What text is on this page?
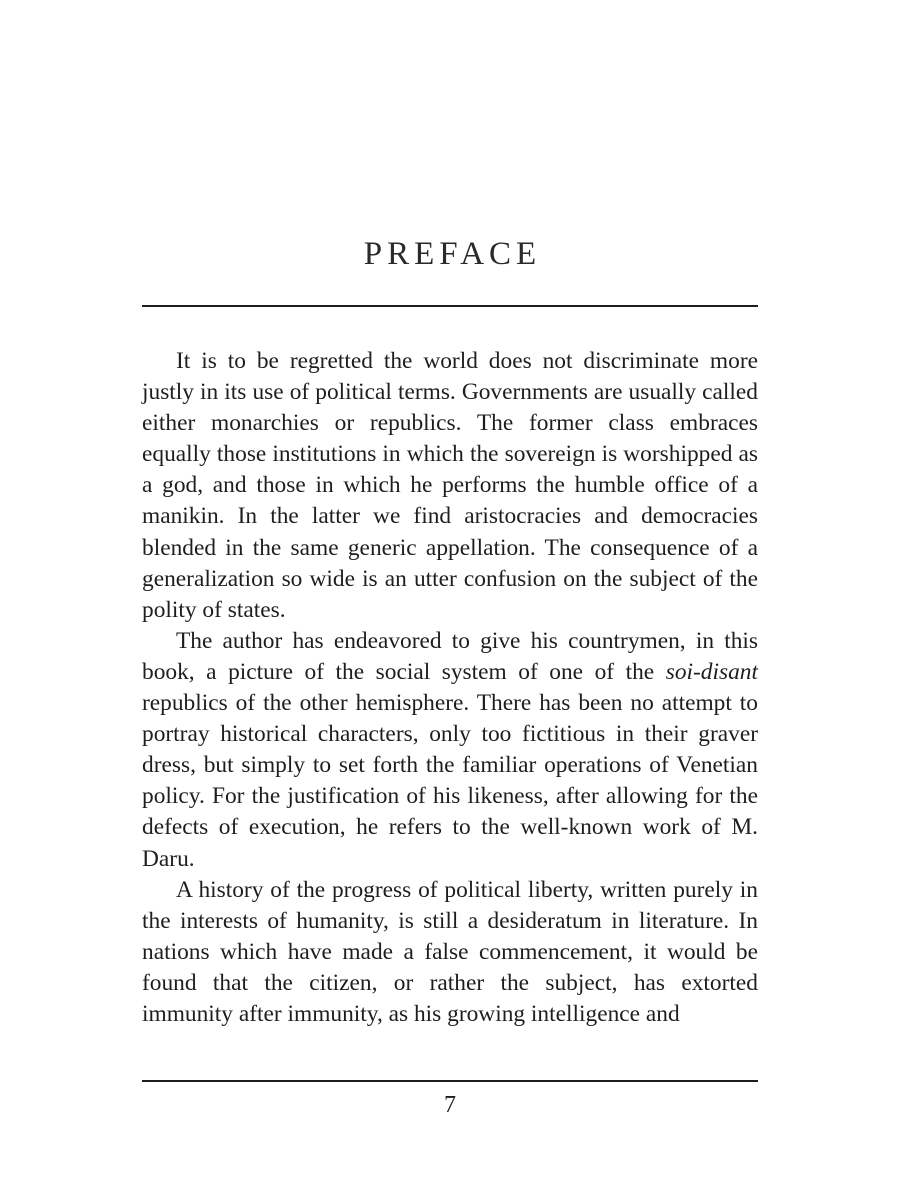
PREFACE

It is to be regretted the world does not discriminate more justly in its use of political terms. Governments are usually called either monarchies or republics. The former class embraces equally those institutions in which the sovereign is worshipped as a god, and those in which he performs the humble office of a manikin. In the latter we find aristocracies and democracies blended in the same generic appellation. The consequence of a generalization so wide is an utter confusion on the subject of the polity of states.

The author has endeavored to give his countrymen, in this book, a picture of the social system of one of the soi-disant republics of the other hemisphere. There has been no attempt to portray historical characters, only too fictitious in their graver dress, but simply to set forth the familiar operations of Venetian policy. For the justification of his likeness, after allowing for the defects of execution, he refers to the well-known work of M. Daru.

A history of the progress of political liberty, written purely in the interests of humanity, is still a desideratum in literature. In nations which have made a false commencement, it would be found that the citizen, or rather the subject, has extorted immunity after immunity, as his growing intelligence and

7
